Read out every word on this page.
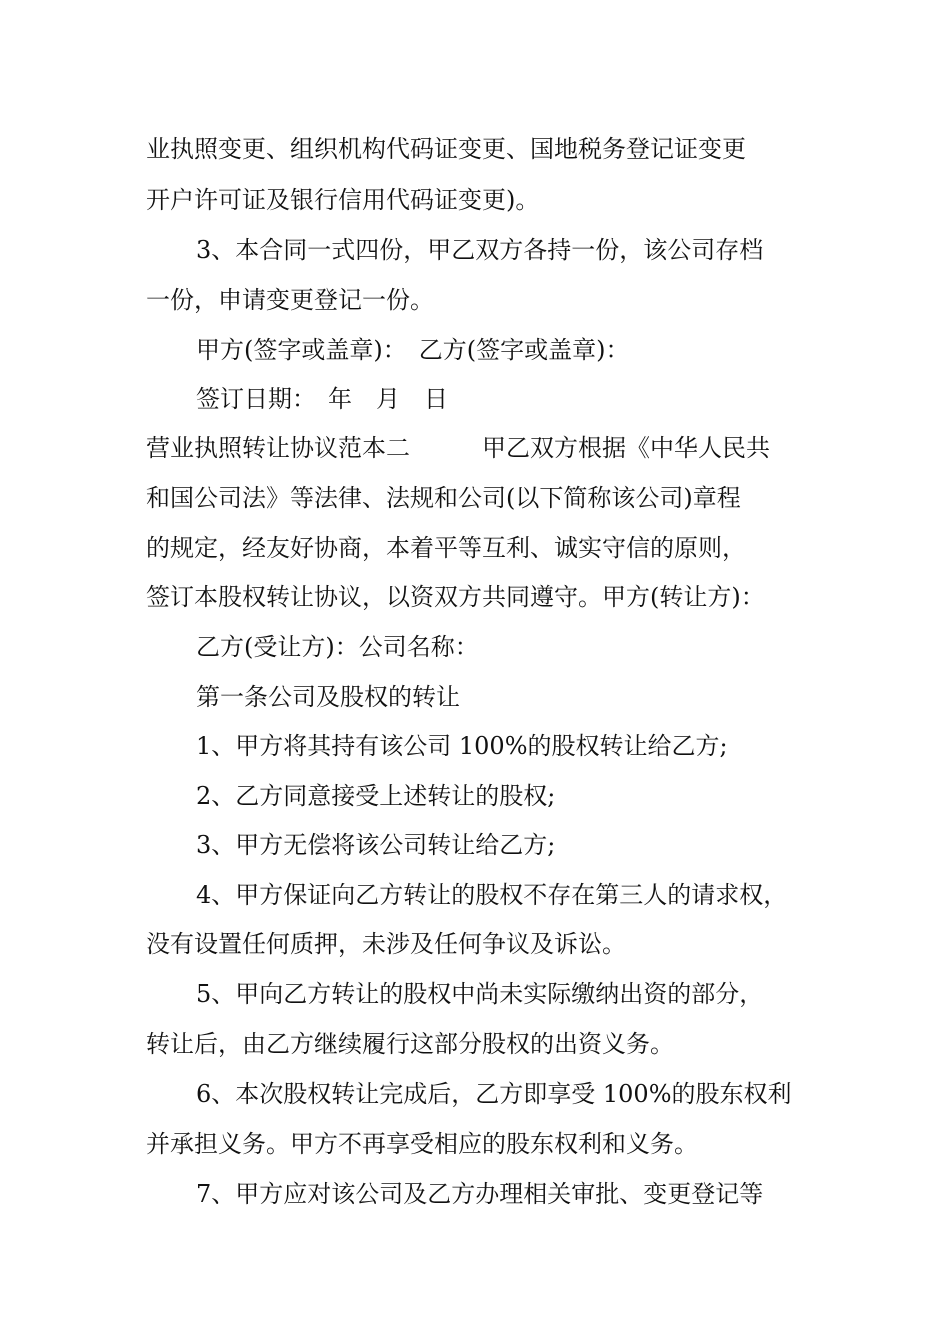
业执照变更、组织机构代码证变更、国地税务登记证变更
开户许可证及银行信用代码证变更)。
3、本合同一式四份，甲乙双方各持一份，该公司存档
一份，申请变更登记一份。
甲方(签字或盖章)：　乙方(签字或盖章)：
签订日期：　年　月　日
营业执照转让协议范本二　　　甲乙双方根据《中华人民共
和国公司法》等法律、法规和公司(以下简称该公司)章程
的规定，经友好协商，本着平等互利、诚实守信的原则，
签订本股权转让协议，以资双方共同遵守。甲方(转让方)：
乙方(受让方)：公司名称：
第一条公司及股权的转让
1、甲方将其持有该公司 100%的股权转让给乙方;
2、乙方同意接受上述转让的股权;
3、甲方无偿将该公司转让给乙方;
4、甲方保证向乙方转让的股权不存在第三人的请求权，
没有设置任何质押，未涉及任何争议及诉讼。
5、甲向乙方转让的股权中尚未实际缴纳出资的部分，
转让后，由乙方继续履行这部分股权的出资义务。
6、本次股权转让完成后，乙方即享受 100%的股东权利
并承担义务。甲方不再享受相应的股东权利和义务。
7、甲方应对该公司及乙方办理相关审批、变更登记等
